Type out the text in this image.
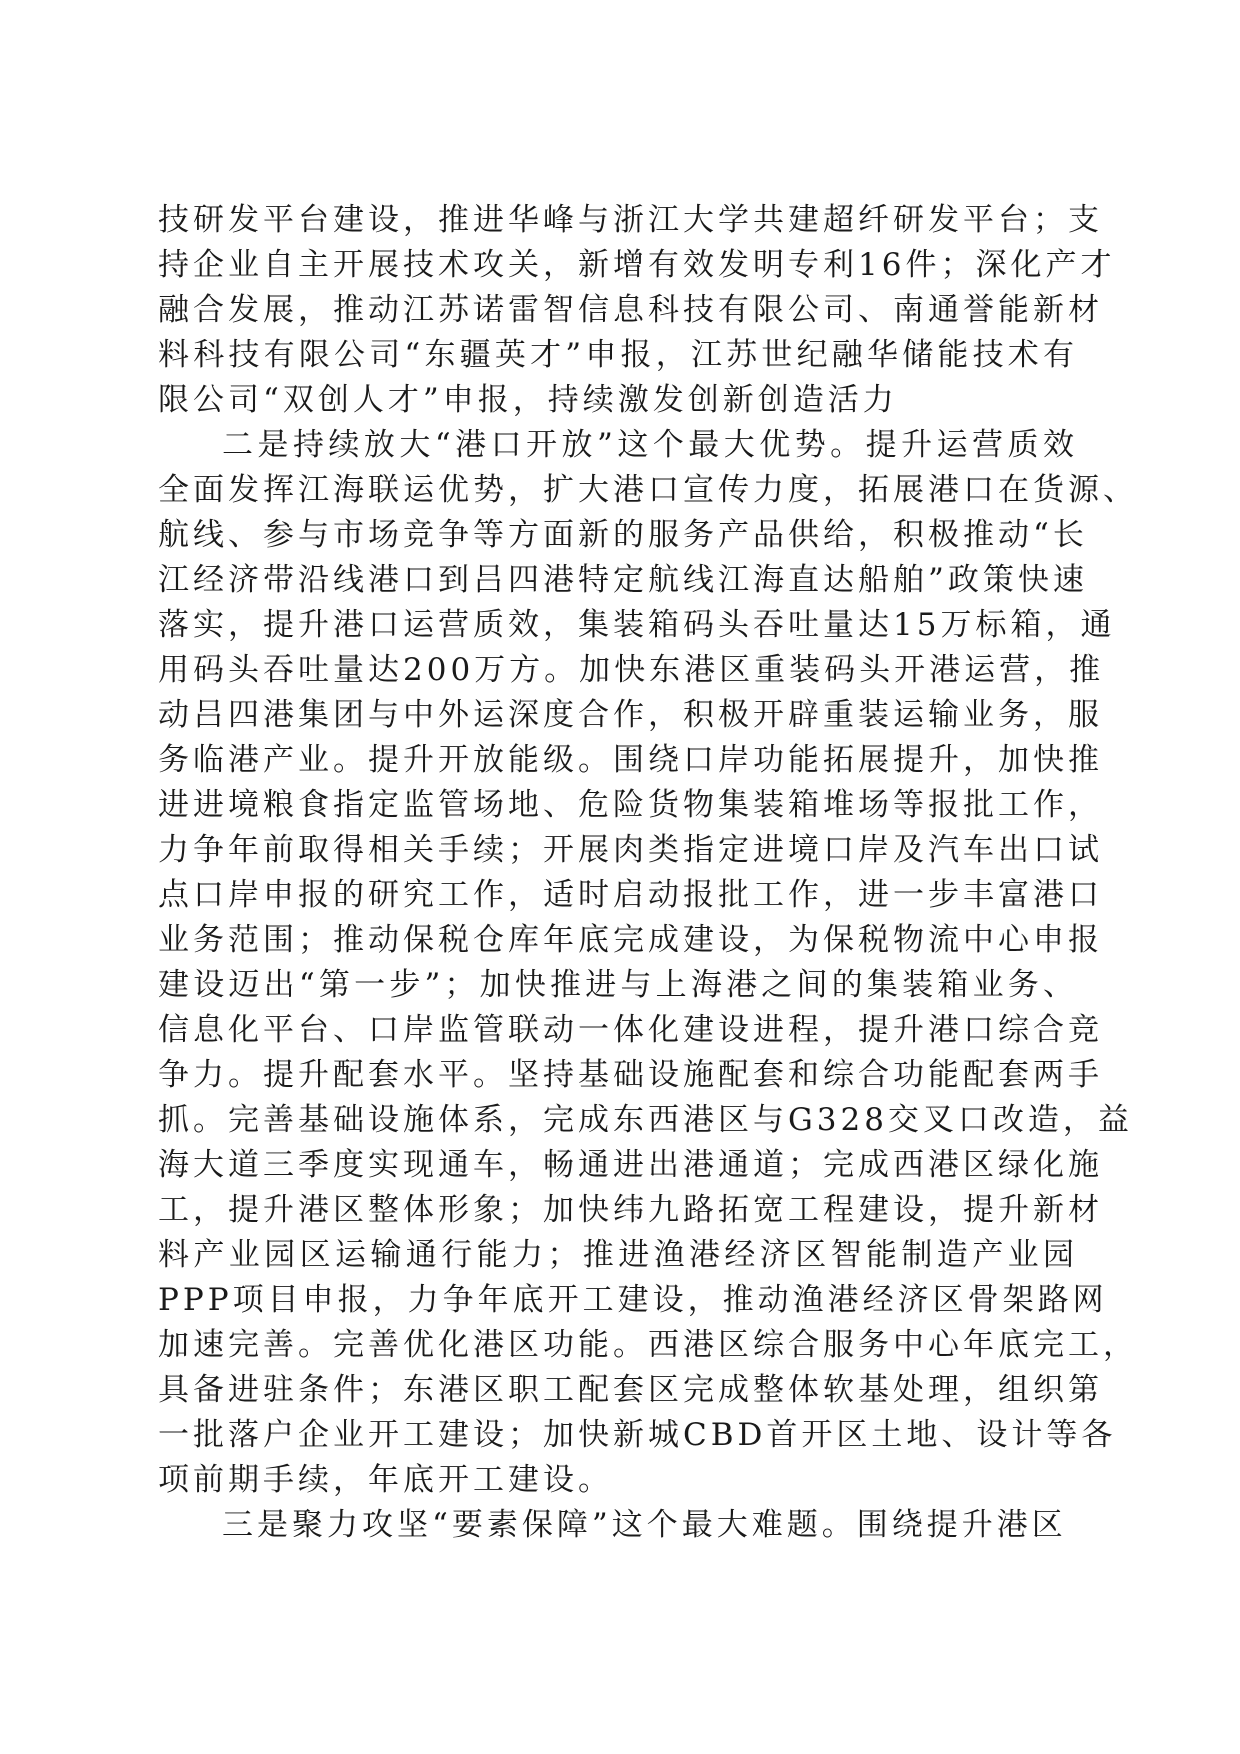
技研发平台建设，推进华峰与浙江大学共建超纤研发平台；支
持企业自主开展技术攻关，新增有效发明专利16件；深化产才
融合发展，推动江苏诺雷智信息科技有限公司、南通誉能新材
料科技有限公司“东疆英才”申报，江苏世纪融华储能技术有
限公司“双创人才”申报，持续激发创新创造活力
二是持续放大“港口开放”这个最大优势。提升运营质效
全面发挥江海联运优势，扩大港口宣传力度，拓展港口在货源、
航线、参与市场竞争等方面新的服务产品供给，积极推动“长
江经济带沿线港口到吕四港特定航线江海直达船舶”政策快速
落实，提升港口运营质效，集装箱码头吞吐量达15万标箱，通
用码头吞吐量达200万方。加快东港区重装码头开港运营，推
动吕四港集团与中外运深度合作，积极开辟重装运输业务，服
务临港产业。提升开放能级。围绕口岸功能拓展提升，加快推
进进境粮食指定监管场地、危险货物集装箱堆场等报批工作，
力争年前取得相关手续；开展肉类指定进境口岸及汽车出口试
点口岸申报的研究工作，适时启动报批工作，进一步丰富港口
业务范围；推动保税仓库年底完成建设，为保税物流中心申报
建设迈出“第一步”；加快推进与上海港之间的集装箱业务、
信息化平台、口岸监管联动一体化建设进程，提升港口综合竞
争力。提升配套水平。坚持基础设施配套和综合功能配套两手
抓。完善基础设施体系，完成东西港区与G328交叉口改造，益
海大道三季度实现通车，畅通进出港通道；完成西港区绿化施
工，提升港区整体形象；加快纬九路拓宽工程建设，提升新材
料产业园区运输通行能力；推进渔港经济区智能制造产业园
PPP项目申报，力争年底开工建设，推动渔港经济区骨架路网
加速完善。完善优化港区功能。西港区综合服务中心年底完工，
具备进驻条件；东港区职工配套区完成整体软基处理，组织第
一批落户企业开工建设；加快新城CBD首开区土地、设计等各
项前期手续，年底开工建设。
三是聚力攻坚“要素保障”这个最大难题。围绕提升港区
